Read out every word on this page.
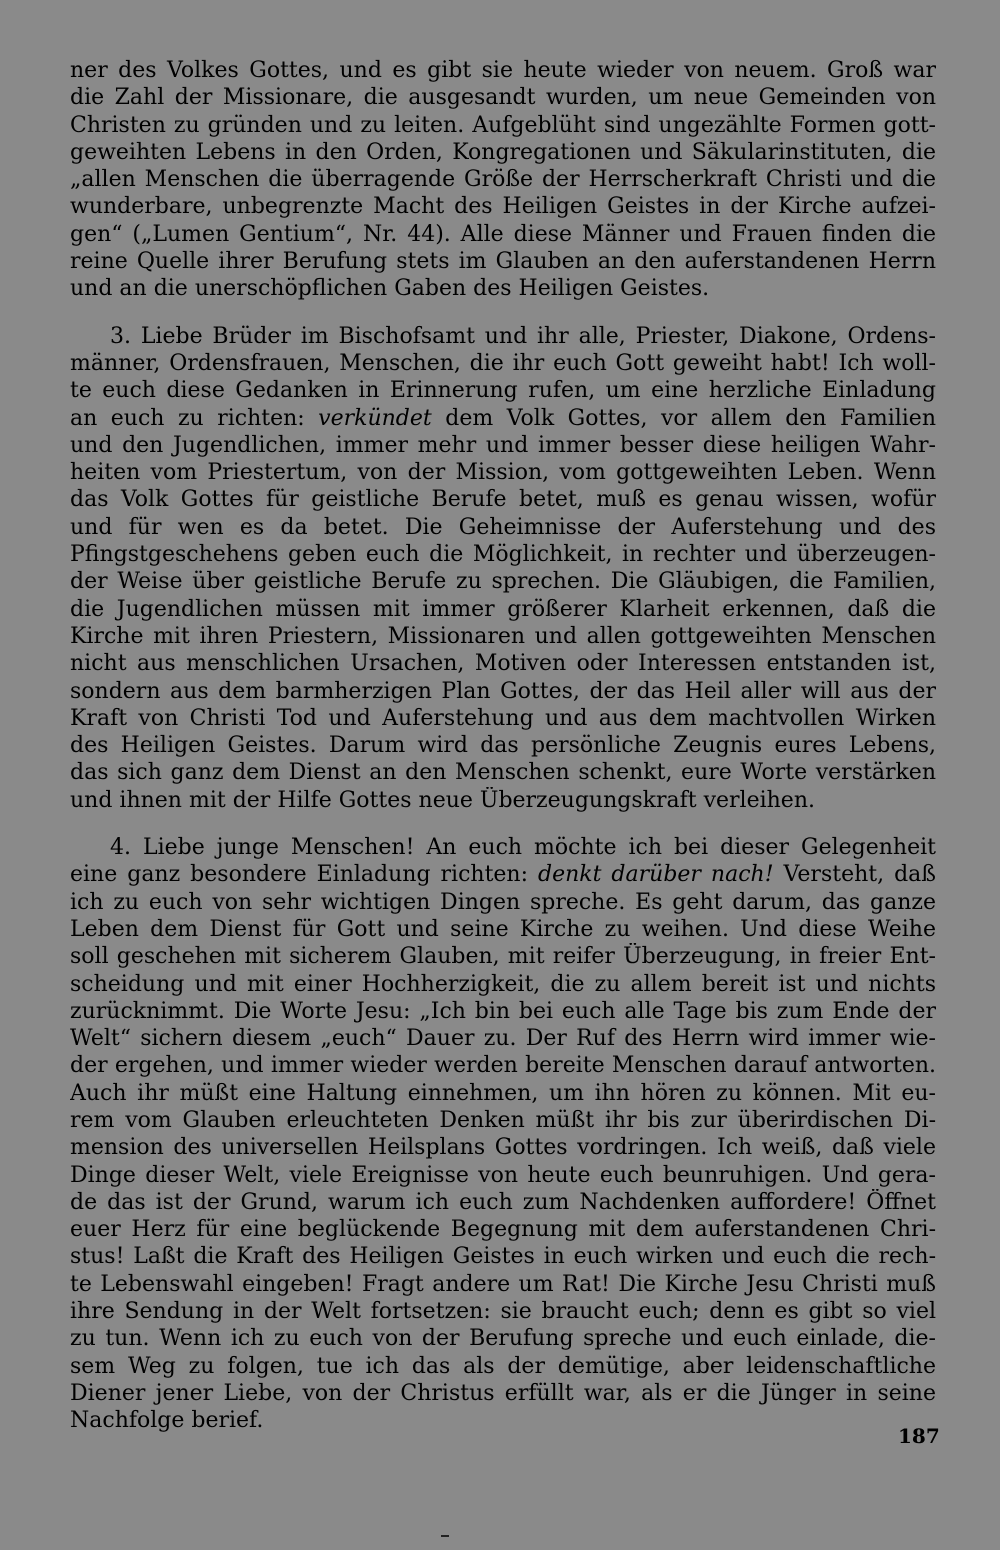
ner des Volkes Gottes, und es gibt sie heute wieder von neuem. Groß war
die Zahl der Missionare, die ausgesandt wurden, um neue Gemeinden von
Christen zu gründen und zu leiten. Aufgeblüht sind ungezählte Formen gott-
geweihten Lebens in den Orden, Kongregationen und Säkularinstituten, die
„allen Menschen die überragende Größe der Herrscherkraft Christi und die
wunderbare, unbegrenzte Macht des Heiligen Geistes in der Kirche aufzei-
gen“ („Lumen Gentium“, Nr. 44). Alle diese Männer und Frauen finden die
reine Quelle ihrer Berufung stets im Glauben an den auferstandenen Herrn
und an die unerschöpflichen Gaben des Heiligen Geistes.
3. Liebe Brüder im Bischofsamt und ihr alle, Priester, Diakone, Ordens-
männer, Ordensfrauen, Menschen, die ihr euch Gott geweiht habt! Ich woll-
te euch diese Gedanken in Erinnerung rufen, um eine herzliche Einladung
an euch zu richten: verkündet dem Volk Gottes, vor allem den Familien
und den Jugendlichen, immer mehr und immer besser diese heiligen Wahr-
heiten vom Priestertum, von der Mission, vom gottgeweihten Leben. Wenn
das Volk Gottes für geistliche Berufe betet, muß es genau wissen, wofür
und für wen es da betet. Die Geheimnisse der Auferstehung und des
Pfingstgeschehens geben euch die Möglichkeit, in rechter und überzeugen-
der Weise über geistliche Berufe zu sprechen. Die Gläubigen, die Familien,
die Jugendlichen müssen mit immer größerer Klarheit erkennen, daß die
Kirche mit ihren Priestern, Missionaren und allen gottgeweihten Menschen
nicht aus menschlichen Ursachen, Motiven oder Interessen entstanden ist,
sondern aus dem barmherzigen Plan Gottes, der das Heil aller will aus der
Kraft von Christi Tod und Auferstehung und aus dem machtvollen Wirken
des Heiligen Geistes. Darum wird das persönliche Zeugnis eures Lebens,
das sich ganz dem Dienst an den Menschen schenkt, eure Worte verstärken
und ihnen mit der Hilfe Gottes neue Überzeugungskraft verleihen.
4. Liebe junge Menschen! An euch möchte ich bei dieser Gelegenheit
eine ganz besondere Einladung richten: denkt darüber nach! Versteht, daß
ich zu euch von sehr wichtigen Dingen spreche. Es geht darum, das ganze
Leben dem Dienst für Gott und seine Kirche zu weihen. Und diese Weihe
soll geschehen mit sicherem Glauben, mit reifer Überzeugung, in freier Ent-
scheidung und mit einer Hochherzigkeit, die zu allem bereit ist und nichts
zurücknimmt. Die Worte Jesu: „Ich bin bei euch alle Tage bis zum Ende der
Welt“ sichern diesem „euch“ Dauer zu. Der Ruf des Herrn wird immer wie-
der ergehen, und immer wieder werden bereite Menschen darauf antworten.
Auch ihr müßt eine Haltung einnehmen, um ihn hören zu können. Mit eu-
rem vom Glauben erleuchteten Denken müßt ihr bis zur überirdischen Di-
mension des universellen Heilsplans Gottes vordringen. Ich weiß, daß viele
Dinge dieser Welt, viele Ereignisse von heute euch beunruhigen. Und gera-
de das ist der Grund, warum ich euch zum Nachdenken auffordere! Öffnet
euer Herz für eine beglückende Begegnung mit dem auferstandenen Chri-
stus! Laßt die Kraft des Heiligen Geistes in euch wirken und euch die rech-
te Lebenswahl eingeben! Fragt andere um Rat! Die Kirche Jesu Christi muß
ihre Sendung in der Welt fortsetzen: sie braucht euch; denn es gibt so viel
zu tun. Wenn ich zu euch von der Berufung spreche und euch einlade, die-
sem Weg zu folgen, tue ich das als der demütige, aber leidenschaftliche
Diener jener Liebe, von der Christus erfüllt war, als er die Jünger in seine
Nachfolge berief.
187
